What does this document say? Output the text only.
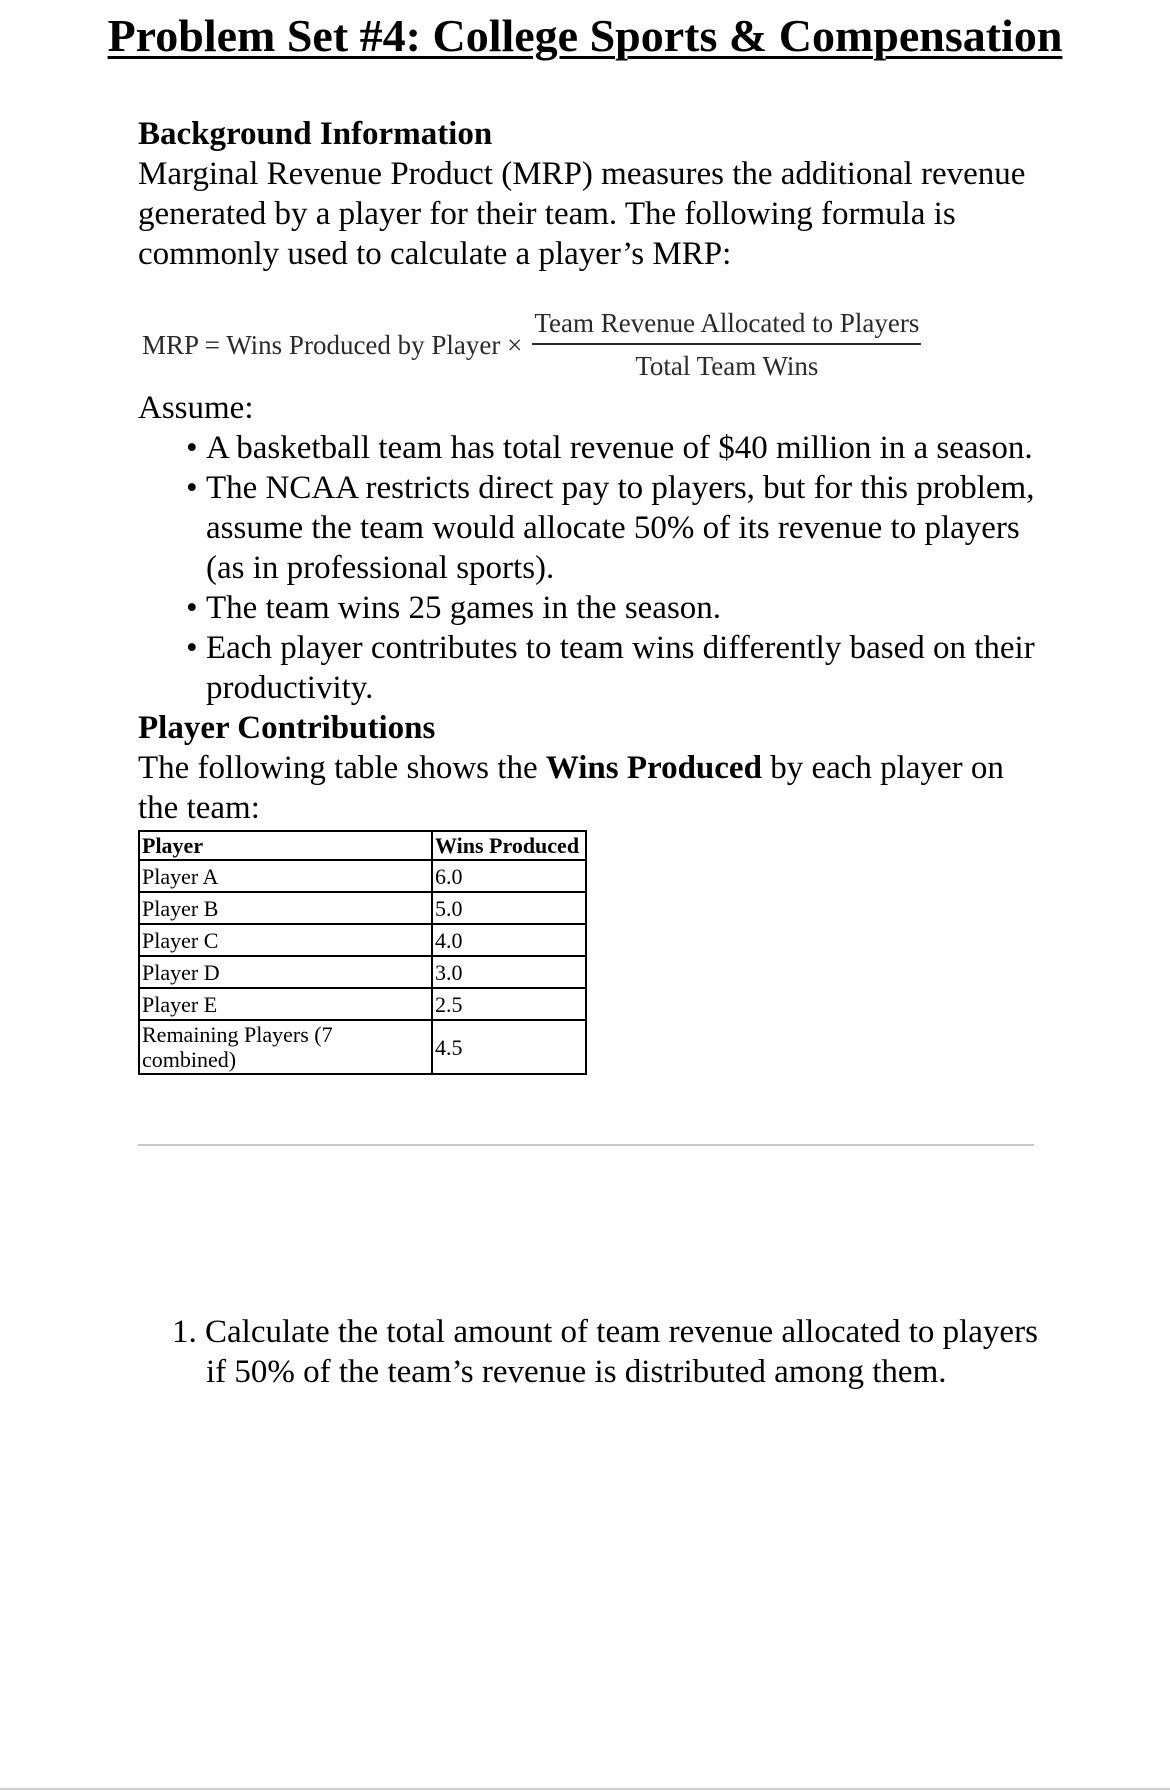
Problem Set #4: College Sports & Compensation
Background Information

Marginal Revenue Product (MRP) measures the additional revenue generated by a player for their team. The following formula is commonly used to calculate a player’s MRP:

MRP = Wins Produced by Player × $\frac{\text{Team Revenue Allocated to Players}}{\text{Total Team Wins}}$

Assume:

• A basketball team has total revenue of $40 million in a season.
• The NCAA restricts direct pay to players, but for this problem, assume the team would allocate 50% of its revenue to players (as in professional sports).
• The team wins 25 games in the season.
• Each player contributes to team wins differently based on their productivity.
Player Contributions

The following table shows the Wins Produced by each player on the team:

Player	Wins Produced
Player A	6.0
Player B	5.0
Player C	4.0
Player D	3.0
Player E	2.5
Remaining Players (7 combined)	4.5
1. Calculate the total amount of team revenue allocated to players if 50% of the team’s revenue is distributed among them.
